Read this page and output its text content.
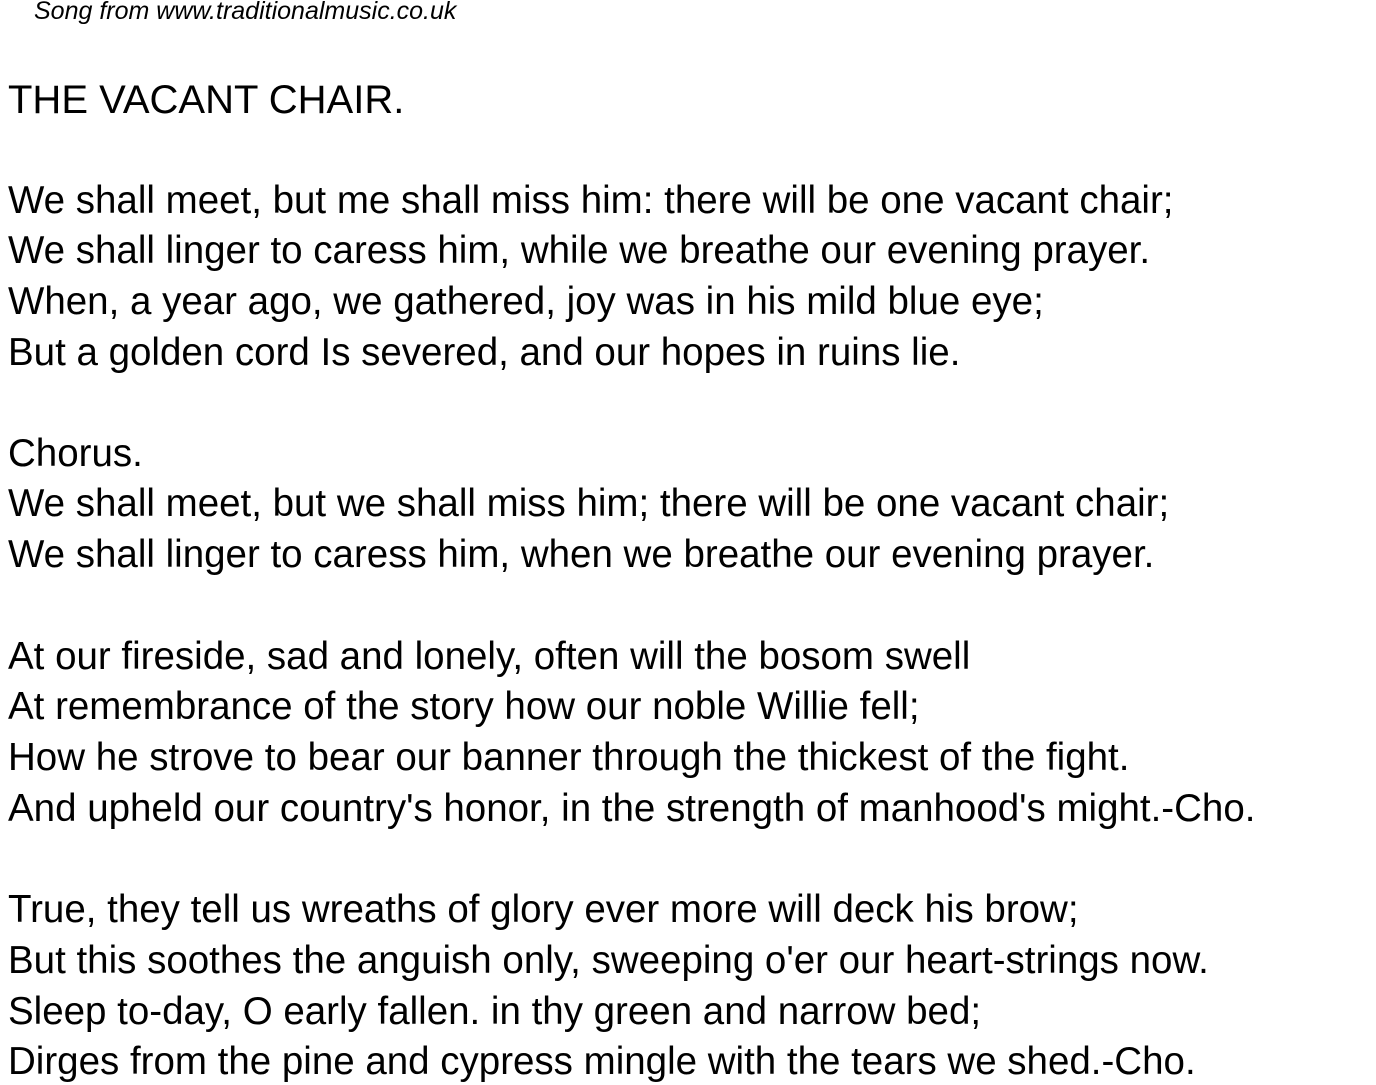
Song from www.traditionalmusic.co.uk
THE VACANT CHAIR.
We shall meet, but me shall miss him: there will be one vacant chair;
We shall linger to caress him, while we breathe our evening prayer.
When, a year ago, we gathered, joy was in his mild blue eye;
But a golden cord Is severed, and our hopes in ruins lie.
Chorus.
We shall meet, but we shall miss him; there will be one vacant chair;
We shall linger to caress him, when we breathe our evening prayer.
At our fireside, sad and lonely, often will the bosom swell
At remembrance of the story how our noble Willie fell;
How he strove to bear our banner through the thickest of the fight.
And upheld our country's honor, in the strength of manhood's might.-Cho.
True, they tell us wreaths of glory ever more will deck his brow;
But this soothes the anguish only, sweeping o'er our heart-strings now.
Sleep to-day, O early fallen. in thy green and narrow bed;
Dirges from the pine and cypress mingle with the tears we shed.-Cho.
